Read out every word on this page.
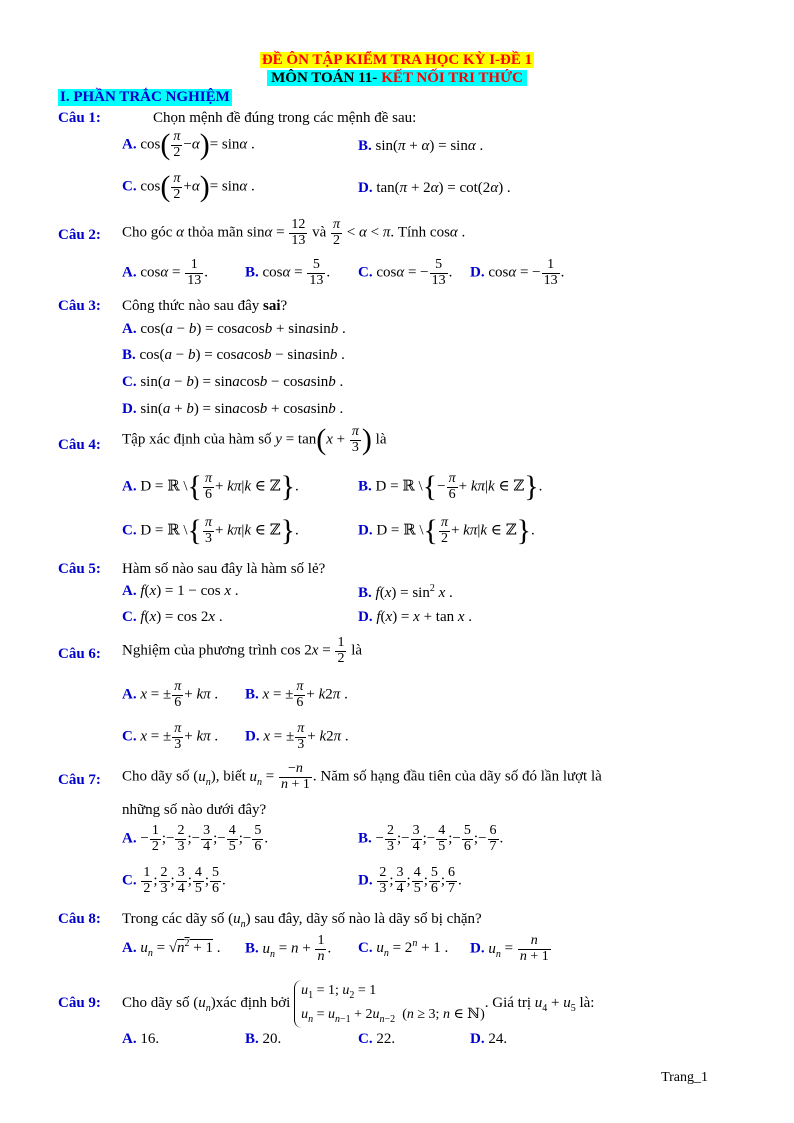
ĐỀ ÔN TẬP KIỂM TRA HỌC KỲ I-ĐỀ 1
MÔN TOÁN 11- KẾT NỐI TRI THỨC
I. PHẦN TRẮC NGHIỆM
Câu 1:	Chọn mệnh đề đúng trong các mệnh đề sau:
A. $\cos( \frac{\pi}{2} -\alpha)= \sin\alpha$ .	B. sin(π + α) = sinα .
C. $\cos( \frac{\pi}{2} +\alpha)= \sin\alpha$ .	D. tan(π + 2α) = cot(2α) .
Câu 2: Cho góc α thỏa mãn $\sin\alpha = \frac{12}{13}$ và $\frac{\pi}{2} < \alpha < \pi$. Tính cosα .
A. $\cos\alpha = \frac{1}{13}$ . B. $\cos\alpha = \frac{5}{13}$ . C. cosα = − $\frac{5}{13}$ . D. cosα = − $\frac{1}{13}$ .
Câu 3: Công thức nào sau đây sai?
A. cos(a − b) = cosacosb + sinasinb .
B. cos(a − b) = cosacosb − sinasinb .
C. sin(a − b) = sinacosb − cosasinb .
D. sin(a + b) = sinacosb + cosasinb .
Câu 4: Tập xác định của hàm số $y = \tan(x + \frac{\pi}{3}$ ) là
A. D = ℝ \{ $\frac{\pi}{6} + k\pi|k$ ∈ ℤ}.	B. D = ℝ \{− $\frac{\pi}{6} + k\pi|k$ ∈ ℤ}.
C. D = ℝ \{ $\frac{\pi}{3} + k\pi|k$ ∈ ℤ}.	D. D = ℝ \{ $\frac{\pi}{2} + k\pi|k$ ∈ ℤ}.
Câu 5: Hàm số nào sau đây là hàm số lẻ?
A. f(x) = 1 − cos x .	B. $f(x) = \sin^2 x$ .
C. f(x) = cos 2x .	D. f(x) = x + tan x .
Câu 6: Nghiệm của phương trình $\cos 2x = \frac{1}{2}$ là
A. x = ± $\frac{\pi}{6} + k\pi$ . B. x = ± $\frac{\pi}{6} + k2\pi$ .
C. x = ± $\frac{\pi}{3} + k\pi$ . D. x = ± $\frac{\pi}{3} + k2\pi$ .
Câu 7: Cho dãy số $(u_n)$, biết $u_n = \frac{-n}{n + 1}$ . Năm số hạng đầu tiên của dãy số đó lần lượt là
những số nào dưới đây?
A. − $\frac{1}{2}$ ;− $\frac{2}{3}$ ;− $\frac{3}{4}$ ;− $\frac{4}{5}$ ;− $\frac{5}{6}$ .	B. − $\frac{2}{3}$ ;− $\frac{3}{4}$ ;− $\frac{4}{5}$ ;− $\frac{5}{6}$ ;− $\frac{6}{7}$ .
C. $\frac{1}{2}$ ; $\frac{2}{3}$ ; $\frac{3}{4}$ ; $\frac{4}{5}$ ; $\frac{5}{6}$ .	D. $\frac{2}{3}$ ; $\frac{3}{4}$ ; $\frac{4}{5}$ ; $\frac{5}{6}$ ; $\frac{6}{7}$ .
Câu 8: Trong các dãy số $(u_n)$ sau đây, dãy số nào là dãy số bị chặn?
A. $u_n = √n^2 + 1$ . B. $u_n = n + \frac{1}{n}$ . C. $u_n = 2^n + 1$ . D. $u_n = \frac{n}{n + 1}$
Câu 9: Cho dãy số $(u_n)xác$ định bởi
$u_1 = 1$; $u_2 = 1$
$u_n = u_{n-1} + 2u_{n-2}$  (n ≥ 3; n ∈ ℕ)
. Giá trị $u_4 + u_5$ là:
A. 16.	B. 20.	C. 22.	D. 24.
Trang_1
